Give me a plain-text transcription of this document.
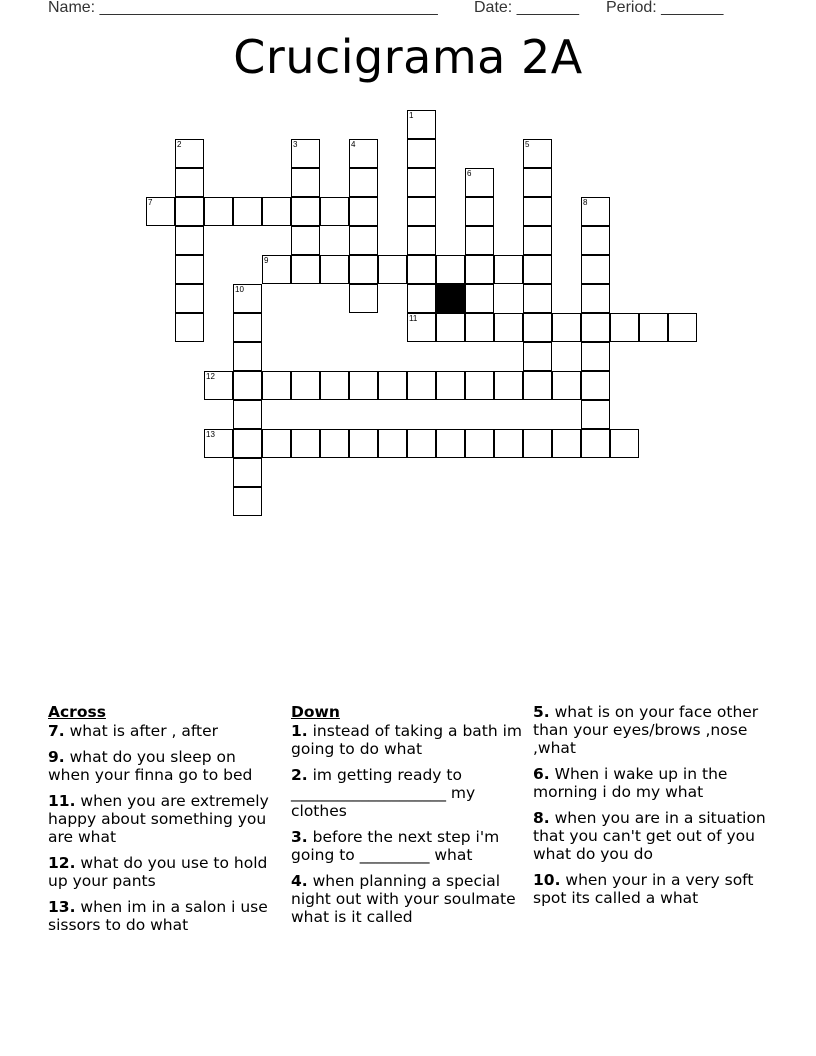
Name: ______________________________________ Date: _______ Period: _______
Crucigrama 2A
1
11
2	3	4	5
6
7	8
9
10
12
13
Across
7. what is after , after
9. what do you sleep on when your finna go to bed
11. when you are extremely happy about something you are what
12. what do you use to hold up your pants
13. when im in a salon i use sissors to do what
Down
1. instead of taking a bath im going to do what
2. im getting ready to ____________________ my clothes
3. before the next step i'm going to _________ what
4. when planning a special night out with your soulmate what is it called
5. what is on your face other than your eyes/brows ,nose ,what
6. When i wake up in the morning i do my what
8. when you are in a situation that you can't get out of you what do you do
10. when your in a very soft spot its called a what
